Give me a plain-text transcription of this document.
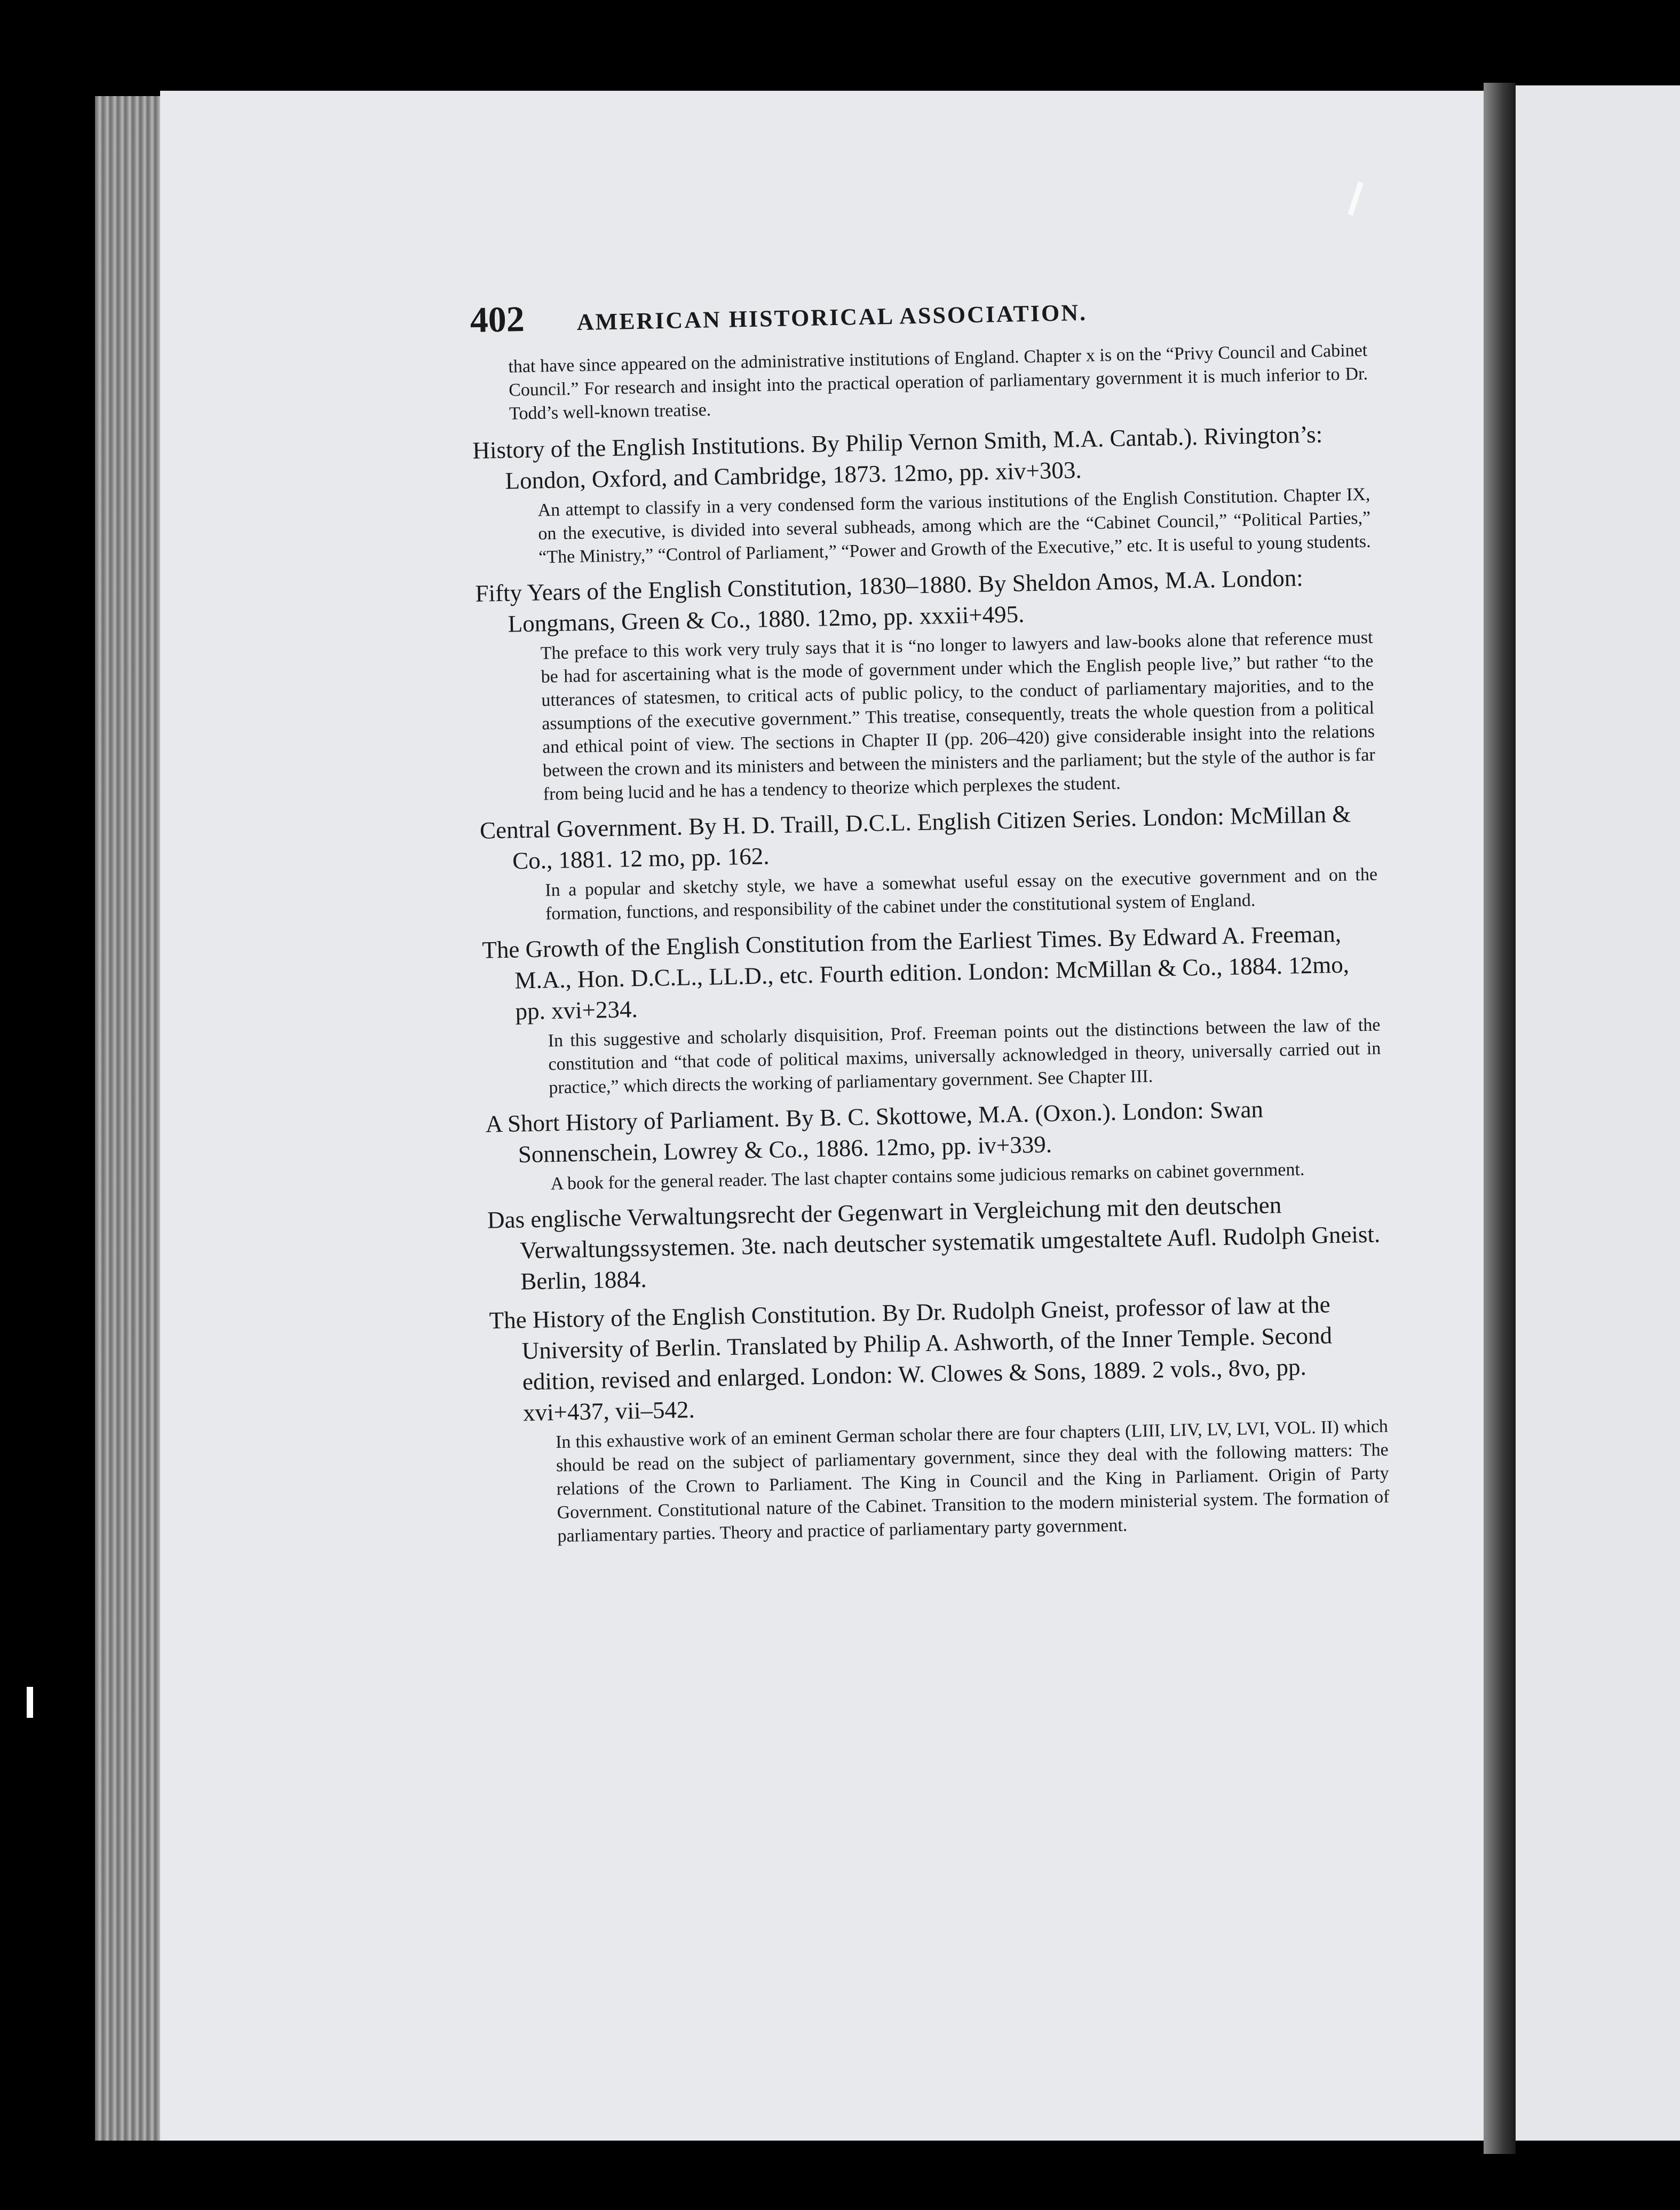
402	AMERICAN HISTORICAL ASSOCIATION.

that have since appeared on the administrative institutions of England. Chapter x is on the “Privy Council and Cabinet Council.” For research and insight into the practical operation of parliamentary government it is much inferior to Dr. Todd’s well-known treatise.

History of the English Institutions. By Philip Vernon Smith, M.A. Cantab.). Rivington’s: London, Oxford, and Cambridge, 1873. 12mo, pp. xiv+303.

An attempt to classify in a very condensed form the various institutions of the English Constitution. Chapter IX, on the executive, is divided into several subheads, among which are the “Cabinet Council,” “Political Parties,” “The Ministry,” “Control of Parliament,” “Power and Growth of the Executive,” etc. It is useful to young students.

Fifty Years of the English Constitution, 1830–1880. By Sheldon Amos, M.A. London: Longmans, Green & Co., 1880. 12mo, pp. xxxii+495.

The preface to this work very truly says that it is “no longer to lawyers and law-books alone that reference must be had for ascertaining what is the mode of government under which the English people live,” but rather “to the utterances of statesmen, to critical acts of public policy, to the conduct of parliamentary majorities, and to the assumptions of the executive government.” This treatise, consequently, treats the whole question from a political and ethical point of view. The sections in Chapter II (pp. 206–420) give considerable insight into the relations between the crown and its ministers and between the ministers and the parliament; but the style of the author is far from being lucid and he has a tendency to theorize which perplexes the student.

Central Government. By H. D. Traill, D.C.L. English Citizen Series. London: McMillan & Co., 1881. 12 mo, pp. 162.

In a popular and sketchy style, we have a somewhat useful essay on the executive government and on the formation, functions, and responsibility of the cabinet under the constitutional system of England.

The Growth of the English Constitution from the Earliest Times. By Edward A. Freeman, M.A., Hon. D.C.L., LL.D., etc. Fourth edition. London: McMillan & Co., 1884. 12mo, pp. xvi+234.

In this suggestive and scholarly disquisition, Prof. Freeman points out the distinctions between the law of the constitution and “that code of political maxims, universally acknowledged in theory, universally carried out in practice,” which directs the working of parliamentary government. See Chapter III.

A Short History of Parliament. By B. C. Skottowe, M.A. (Oxon.). London: Swan Sonnenschein, Lowrey & Co., 1886. 12mo, pp. iv+339.

A book for the general reader. The last chapter contains some judicious remarks on cabinet government.

Das englische Verwaltungsrecht der Gegenwart in Vergleichung mit den deutschen Verwaltungssystemen. 3te. nach deutscher systematik umgestaltete Aufl. Rudolph Gneist. Berlin, 1884.
The History of the English Constitution. By Dr. Rudolph Gneist, professor of law at the University of Berlin. Translated by Philip A. Ashworth, of the Inner Temple. Second edition, revised and enlarged. London: W. Clowes & Sons, 1889. 2 vols., 8vo, pp. xvi+437, vii–542.

In this exhaustive work of an eminent German scholar there are four chapters (LIII, LIV, LV, LVI, VOL. II) which should be read on the subject of parliamentary government, since they deal with the following matters: The relations of the Crown to Parliament. The King in Council and the King in Parliament. Origin of Party Government. Constitutional nature of the Cabinet. Transition to the modern ministerial system. The formation of parliamentary parties. Theory and practice of parliamentary party government.
